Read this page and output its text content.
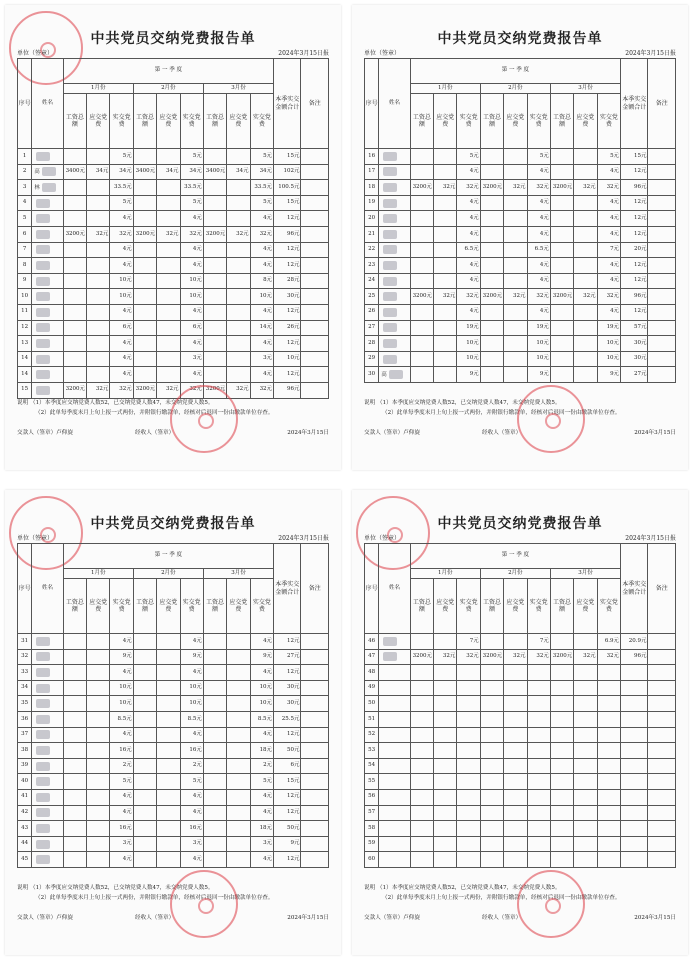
中共党员交纳党费报告单
单位（签章）	2024年3月15日报
序号	姓名	第 一 季 度									本季实交金额合计	备注
		1月份			2月份			3月份				
		工资总额	应交党费	实交党费	工资总额	应交党费	实交党费	工资总额	应交党费	实交党费		
1				5元			5元			5元	15元	
2	高	3400元	34元	34元	3400元	34元	34元	3400元	34元	34元	102元	
3	林			33.5元			33.5元			33.5元	100.5元	
4				5元			5元			5元	15元	
5				4元			4元			4元	12元	
6		3200元	32元	32元	3200元	32元	32元	3200元	32元	32元	96元	
7				4元			4元			4元	12元	
8				4元			4元			4元	12元	
9				10元			10元			8元	28元	
10				10元			10元			10元	30元	
11				4元			4元			4元	12元	
12				6元			6元			14元	26元	
13				4元			4元			4元	12元	
14				4元			3元			3元	10元	
14				4元			4元			4元	12元	
15		3200元	32元	32元	3200元	32元	32元	3200元	32元	32元	96元	
说明 （1）本季度应交纳党费人数52，已交纳党费人数47，未交纳党费人数5。
（2）此单每季度末月上旬上报一式两份，并附银行缴款单，经核对后退回一份由缴款单位存查。
交款人（签章）卢仰旋	经收人（签章）	2024年3月15日
中共党员交纳党费报告单
单位（签章）	2024年3月15日报
序号	姓名	第 一 季 度									本季实交金额合计	备注
		1月份			2月份			3月份				
		工资总额	应交党费	实交党费	工资总额	应交党费	实交党费	工资总额	应交党费	实交党费		
16				5元			5元			5元	15元	
17				4元			4元			4元	12元	
18		3200元	32元	32元	3200元	32元	32元	3200元	32元	32元	96元	
19				4元			4元			4元	12元	
20				4元			4元			4元	12元	
21				4元			4元			4元	12元	
22				6.5元			6.5元			7元	20元	
23				4元			4元			4元	12元	
24				4元			4元			4元	12元	
25		3200元	32元	32元	3200元	32元	32元	3200元	32元	32元	96元	
26				4元			4元			4元	12元	
27				19元			19元			19元	57元	
28				10元			10元			10元	30元	
29				10元			10元			10元	30元	
30	高			9元			9元			9元	27元	
说明 （1）本季度应交纳党费人数52，已交纳党费人数47，未交纳党费人数5。
（2）此单每季度末月上旬上报一式两份，并附银行缴款单，经核对后退回一份由缴款单位存查。
交款人（签章）卢仰旋	经收人（签章）	2024年3月15日
中共党员交纳党费报告单
单位（签章）	2024年3月15日报
序号	姓名	第 一 季 度									本季实交金额合计	备注
		1月份			2月份			3月份				
		工资总额	应交党费	实交党费	工资总额	应交党费	实交党费	工资总额	应交党费	实交党费		
31				4元			4元			4元	12元	
32				9元			9元			9元	27元	
33				4元			4元			4元	12元	
34				10元			10元			10元	30元	
35				10元			10元			10元	30元	
36				8.5元			8.5元			8.5元	25.5元	
37				4元			4元			4元	12元	
38				16元			16元			18元	50元	
39				2元			2元			2元	6元	
40				5元			5元			5元	15元	
41				4元			4元			4元	12元	
42				4元			4元			4元	12元	
43				16元			16元			18元	50元	
44				3元			3元			3元	9元	
45				4元			4元			4元	12元	
说明 （1）本季度应交纳党费人数52，已交纳党费人数47，未交纳党费人数5。
（2）此单每季度末月上旬上报一式两份，并附银行缴款单，经核对后退回一份由缴款单位存查。
交款人（签章）卢仰旋	经收人（签章）	2024年3月15日
中共党员交纳党费报告单
单位（签章）	2024年3月15日报
序号	姓名	第 一 季 度									本季实交金额合计	备注
		1月份			2月份			3月份				
		工资总额	应交党费	实交党费	工资总额	应交党费	实交党费	工资总额	应交党费	实交党费		
46				7元			7元			6.9元	20.9元	
47		3200元	32元	32元	3200元	32元	32元	3200元	32元	32元	96元	
48												
49												
50												
51												
52												
53												
54												
55												
56												
57												
58												
59												
60												
说明 （1）本季度应交纳党费人数52，已交纳党费人数47，未交纳党费人数5。
（2）此单每季度末月上旬上报一式两份，并附银行缴款单，经核对后退回一份由缴款单位存查。
交款人（签章）卢仰旋	经收人（签章）	2024年3月15日
